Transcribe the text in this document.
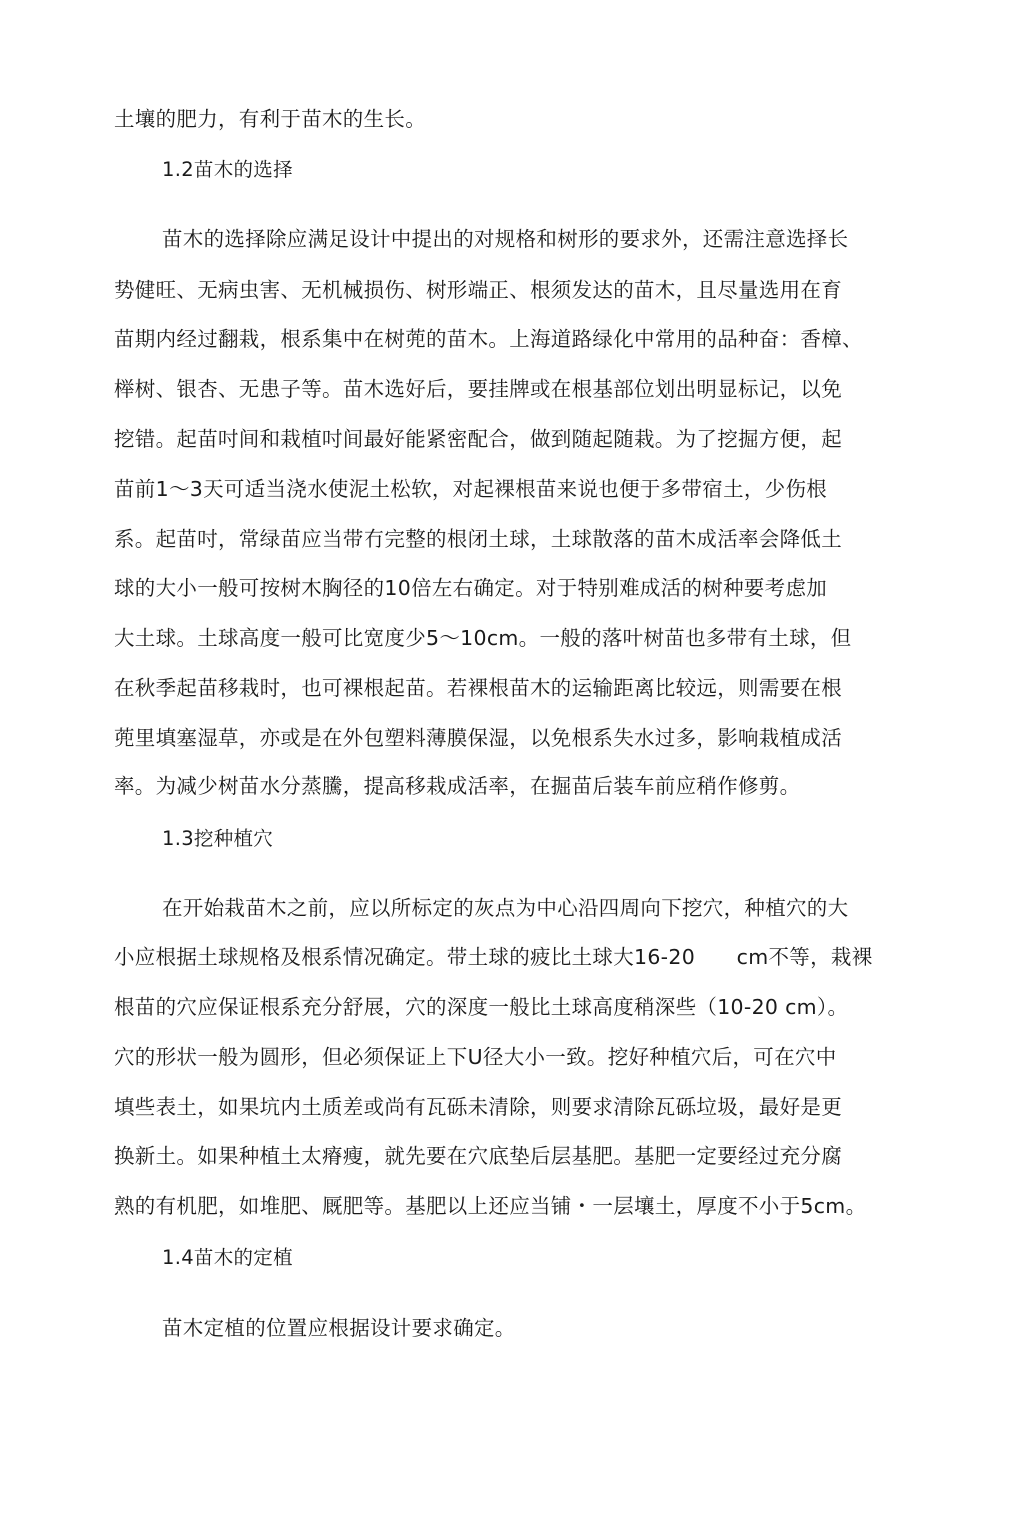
土壤的肥力，有利于苗木的生长。
1.2苗木的选择
苗木的选择除应满足设计中提出的对规格和树形的要求外，还需注意选择长
势健旺、无病虫害、无机械损伤、树形端正、根须发达的苗木，且尽量选用在育
苗期内经过翻栽，根系集中在树蔸的苗木。上海道路绿化中常用的品种奋：香樟、
榉树、银杏、无患子等。苗木选好后，要挂牌或在根基部位划出明显标记，以免
挖错。起苗吋间和栽植吋间最好能紧密配合，做到随起随栽。为了挖掘方便，起
苗前1～3天可适当浇水使泥土松软，对起裸根苗来说也便于多带宿土，少伤根
系。起苗吋，常绿苗应当带冇完整的根闭土球，土球散落的苗木成活率会降低土
球的大小一般可按树木胸径的10倍左右确定。对于特别难成活的树种要考虑加
大土球。土球高度一般可比宽度少5～10cm。一般的落叶树苗也多带有土球，但
在秋季起苗移栽时，也可裸根起苗。若裸根苗木的运输距离比较远，则需要在根
蔸里填塞湿草，亦或是在外包塑料薄膜保湿，以免根系失水过多，影响栽植成活
率。为减少树苗水分蒸騰，提高移栽成活率，在掘苗后装车前应稍作修剪。
1.3挖种植穴
在开始栽苗木之前，应以所标定的灰点为中心沿四周向下挖穴，种植穴的大
小应根据土球规格及根系情况确定。带土球的疲比土球大16-20　　cm不等，栽裸
根苗的穴应保证根系充分舒展，穴的深度一般比土球高度稍深些（10-20 cm）。
穴的形状一般为圆形，但必须保证上下U径大小一致。挖好种植穴后，可在穴中
填些表土，如果坑内土质差或尚有瓦砾未清除，则要求清除瓦砾垃圾，最好是更
换新土。如果种植土太瘠瘦，就先要在穴底垫后层基肥。基肥一定要经过充分腐
熟的有机肥，如堆肥、厩肥等。基肥以上还应当铺・一层壤土，厚度不小于5cm。
1.4苗木的定植
苗木定植的位置应根据设计要求确定。
